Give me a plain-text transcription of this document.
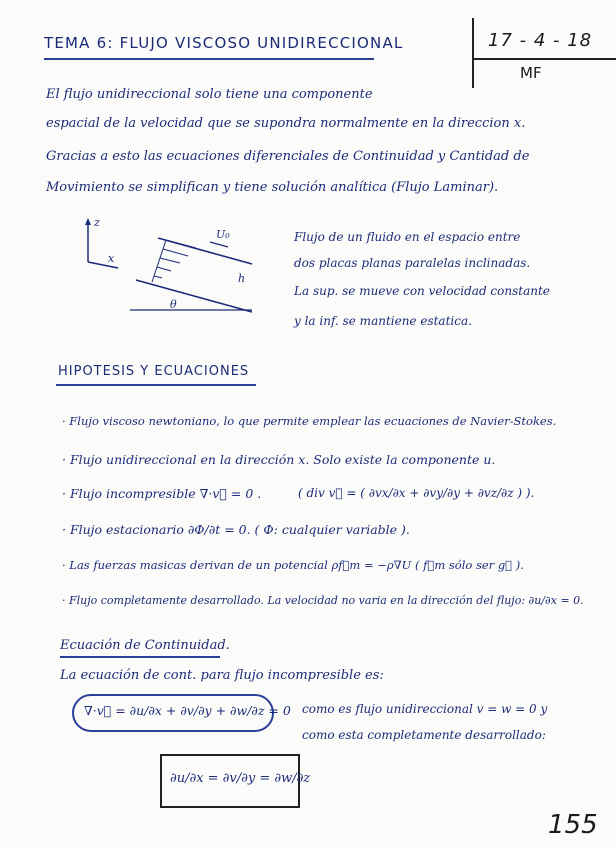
TEMA 6: FLUJO VISCOSO UNIDIRECCIONAL	17 - 4 - 18
MF
El flujo unidireccional solo tiene una componente
espacial de la velocidad que se supondra normalmente en la direccion x.
Gracias a esto las ecuaciones diferenciales de Continuidad y Cantidad de
Movimiento se simplifican y tiene solución analítica (Flujo Laminar).
z
x
U₀
h
θ
Flujo de un fluido en el espacio entre
dos placas planas paralelas inclinadas.
La sup. se mueve con velocidad constante
y la inf. se mantiene estatica.
HIPOTESIS Y ECUACIONES
· Flujo viscoso newtoniano, lo que permite emplear las ecuaciones de Navier-Stokes.
· Flujo unidireccional en la dirección x. Solo existe la componente u.
· Flujo incompresible ∇·v⃗ = 0 .	( div v⃗ = ( ∂vx/∂x + ∂vy/∂y + ∂vz/∂z ) ).
· Flujo estacionario ∂Φ/∂t = 0. ( Φ: cualquier variable ).
· Las fuerzas masicas derivan de un potencial ρf⃗m = −ρ∇U ( f⃗m sólo ser g⃗ ).
· Flujo completamente desarrollado. La velocidad no varia en la dirección del flujo: ∂u/∂x = 0.
Ecuación de Continuidad.
La ecuación de cont. para flujo incompresible es:
∇·v⃗ = ∂u/∂x + ∂v/∂y + ∂w/∂z = 0 como es flujo unidireccional v = w = 0 y
como esta completamente desarrollado:
∂u/∂x = ∂v/∂y = ∂w/∂z
155
